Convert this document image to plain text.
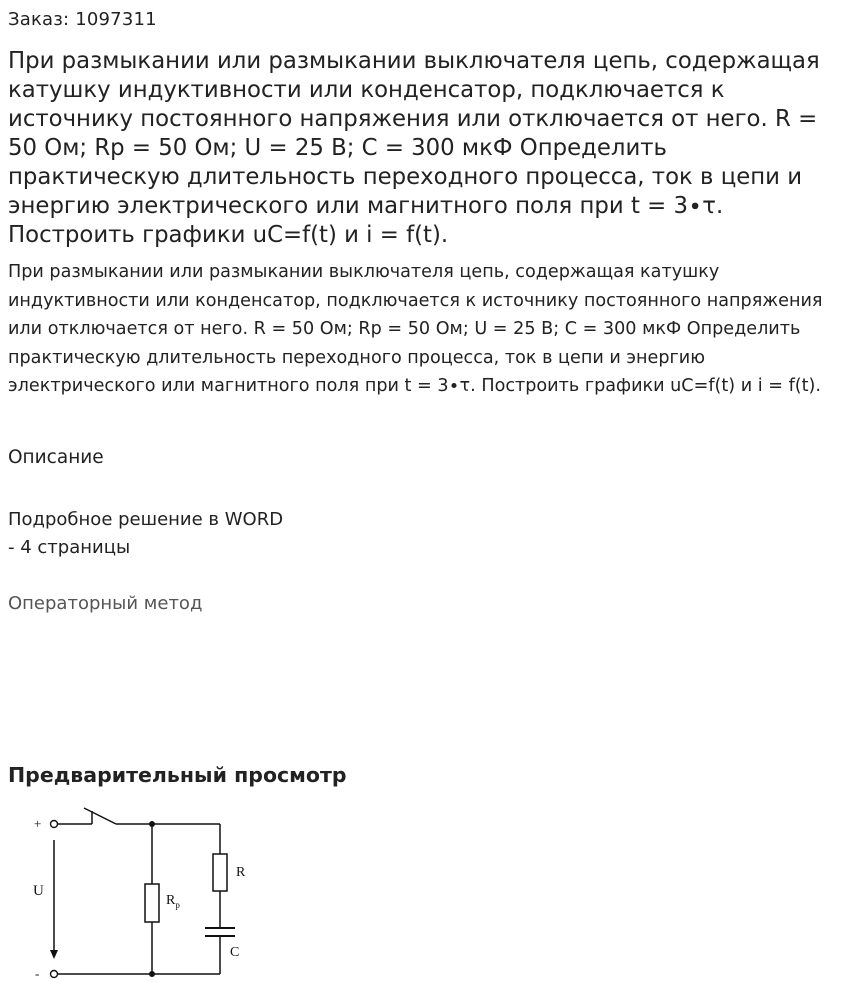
Заказ: 1097311
При размыкании или размыкании выключателя цепь, содержащая катушку индуктивности или конденсатор, подключается к источнику постоянного напряжения или отключается от него. R = 50 Ом; Rp = 50 Ом; U = 25 В; С = 300 мкФ Определить практическую длительность переходного процесса, ток в цепи и энергию электрического или магнитного поля при t = 3∙τ. Построить графики uC=f(t) и i = f(t).

При размыкании или размыкании выключателя цепь, содержащая катушку индуктивности или конденсатор, подключается к источнику постоянного напряжения или отключается от него. R = 50 Ом; Rp = 50 Ом; U = 25 В; С = 300 мкФ Определить практическую длительность переходного процесса, ток в цепи и энергию электрического или магнитного поля при t = 3∙τ. Построить графики uC=f(t) и i = f(t).

Описание
Подробное решение в WORD
- 4 страницы
Операторный метод
Предварительный просмотр
+
-
U
$R_p$
R
C
